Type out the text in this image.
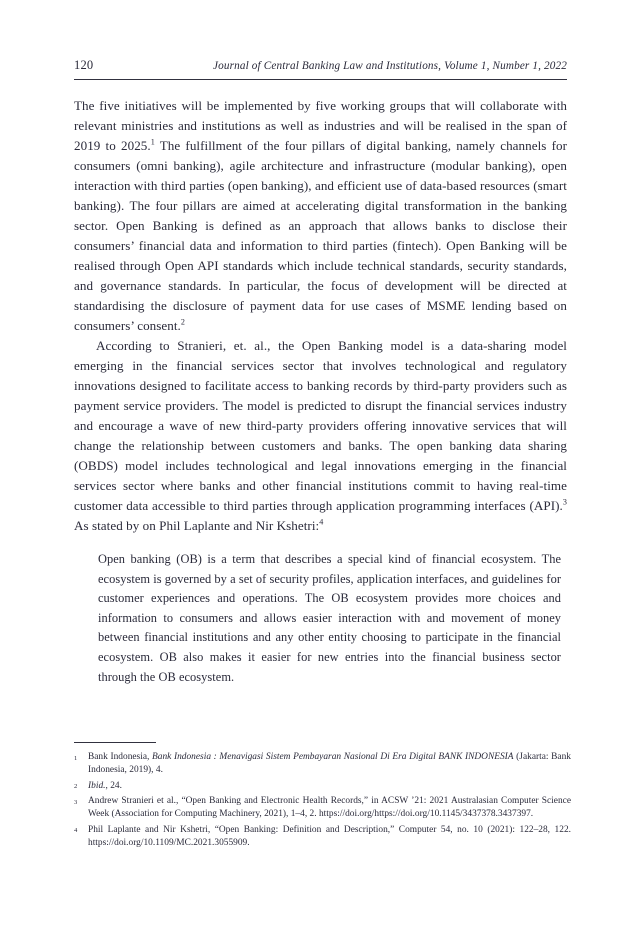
120	Journal of Central Banking Law and Institutions, Volume 1, Number 1, 2022

The five initiatives will be implemented by five working groups that will collaborate with relevant ministries and institutions as well as industries and will be realised in the span of 2019 to 2025.$^1$ The fulfillment of the four pillars of digital banking, namely channels for consumers (omni banking), agile architecture and infrastructure (modular banking), open interaction with third parties (open banking), and efficient use of data-based resources (smart banking). The four pillars are aimed at accelerating digital transformation in the banking sector. Open Banking is defined as an approach that allows banks to disclose their consumers’ financial data and information to third parties (fintech). Open Banking will be realised through Open API standards which include technical standards, security standards, and governance standards. In particular, the focus of development will be directed at standardising the disclosure of payment data for use cases of MSME lending based on consumers’ consent.$^2$

According to Stranieri, et. al., the Open Banking model is a data-sharing model emerging in the financial services sector that involves technological and regulatory innovations designed to facilitate access to banking records by third-party providers such as payment service providers. The model is predicted to disrupt the financial services industry and encourage a wave of new third-party providers offering innovative services that will change the relationship between customers and banks. The open banking data sharing (OBDS) model includes technological and legal innovations emerging in the financial services sector where banks and other financial institutions commit to having real-time customer data accessible to third parties through application programming interfaces (API).$^3$ As stated by on Phil Laplante and Nir Kshetri:$^4$

Open banking (OB) is a term that describes a special kind of financial ecosystem. The ecosystem is governed by a set of security profiles, application interfaces, and guidelines for customer experiences and operations. The OB ecosystem provides more choices and information to consumers and allows easier interaction with and movement of money between financial institutions and any other entity choosing to participate in the financial ecosystem. OB also makes it easier for new entries into the financial business sector through the OB ecosystem.
1 Bank Indonesia, Bank Indonesia : Menavigasi Sistem Pembayaran Nasional Di Era Digital BANK INDONESIA (Jakarta: Bank Indonesia, 2019), 4.
2 Ibid., 24.
3 Andrew Stranieri et al., “Open Banking and Electronic Health Records,” in ACSW ’21: 2021 Australasian Computer Science Week (Association for Computing Machinery, 2021), 1–4, 2. https://doi.org/https://doi.org/10.1145/3437378.3437397.
4 Phil Laplante and Nir Kshetri, “Open Banking: Definition and Description,” Computer 54, no. 10 (2021): 122–28, 122. https://doi.org/10.1109/MC.2021.3055909.
